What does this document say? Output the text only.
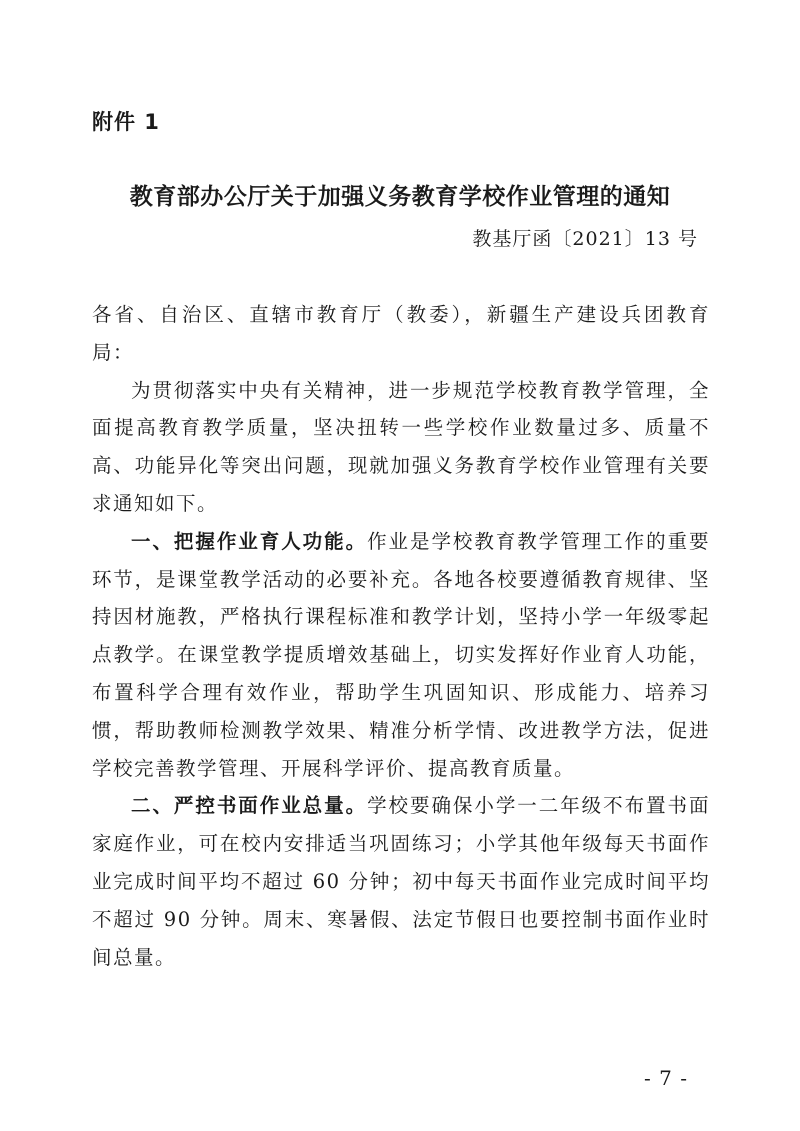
附件 1
教育部办公厅关于加强义务教育学校作业管理的通知
教基厅函〔2021〕13 号

各省、自治区、直辖市教育厅（教委），新疆生产建设兵团教育局：

为贯彻落实中央有关精神，进一步规范学校教育教学管理，全面提高教育教学质量，坚决扭转一些学校作业数量过多、质量不高、功能异化等突出问题，现就加强义务教育学校作业管理有关要求通知如下。

一、把握作业育人功能。作业是学校教育教学管理工作的重要环节，是课堂教学活动的必要补充。各地各校要遵循教育规律、坚持因材施教，严格执行课程标准和教学计划，坚持小学一年级零起点教学。在课堂教学提质增效基础上，切实发挥好作业育人功能，布置科学合理有效作业，帮助学生巩固知识、形成能力、培养习惯，帮助教师检测教学效果、精准分析学情、改进教学方法，促进学校完善教学管理、开展科学评价、提高教育质量。

二、严控书面作业总量。学校要确保小学一二年级不布置书面家庭作业，可在校内安排适当巩固练习；小学其他年级每天书面作业完成时间平均不超过 60 分钟；初中每天书面作业完成时间平均不超过 90 分钟。周末、寒暑假、法定节假日也要控制书面作业时间总量。

- 7 -
